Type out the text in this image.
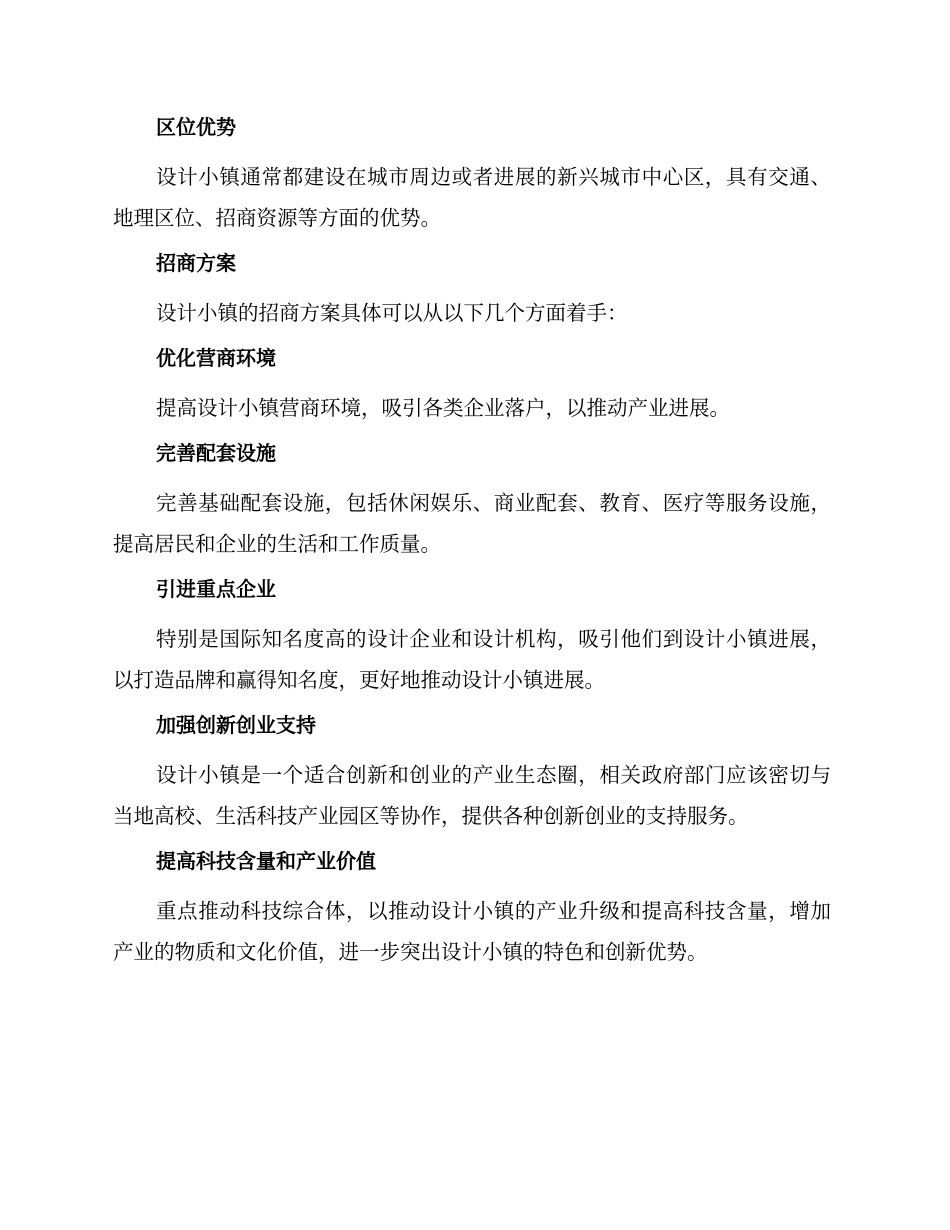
区位优势

设计小镇通常都建设在城市周边或者进展的新兴城市中心区，具有交通、地理区位、招商资源等方面的优势。

招商方案

设计小镇的招商方案具体可以从以下几个方面着手：

优化营商环境

提高设计小镇营商环境，吸引各类企业落户，以推动产业进展。

完善配套设施

完善基础配套设施，包括休闲娱乐、商业配套、教育、医疗等服务设施，提高居民和企业的生活和工作质量。

引进重点企业

特别是国际知名度高的设计企业和设计机构，吸引他们到设计小镇进展，以打造品牌和赢得知名度，更好地推动设计小镇进展。

加强创新创业支持

设计小镇是一个适合创新和创业的产业生态圈，相关政府部门应该密切与当地高校、生活科技产业园区等协作，提供各种创新创业的支持服务。

提高科技含量和产业价值

重点推动科技综合体，以推动设计小镇的产业升级和提高科技含量，增加产业的物质和文化价值，进一步突出设计小镇的特色和创新优势。
